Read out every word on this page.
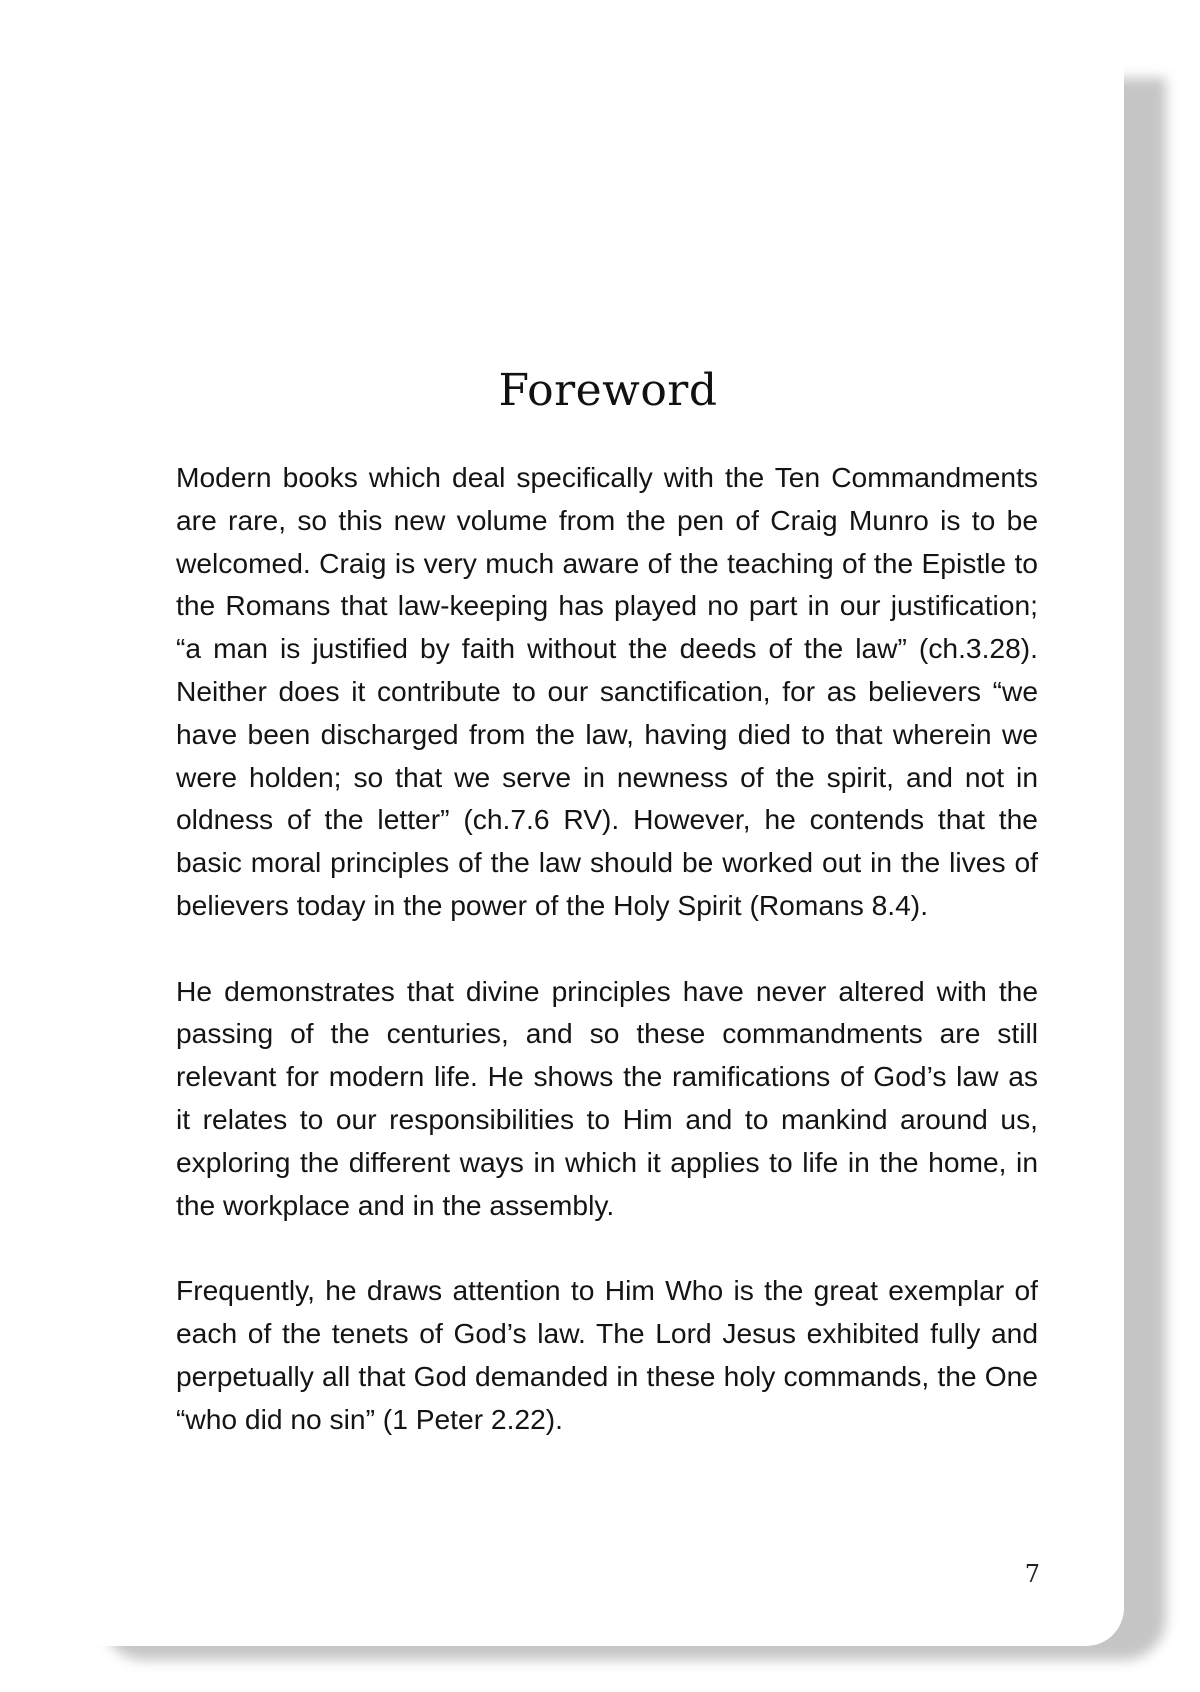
Foreword

Modern books which deal specifically with the Ten Commandments are rare, so this new volume from the pen of Craig Munro is to be welcomed. Craig is very much aware of the teaching of the Epistle to the Romans that law-keeping has played no part in our justification; “a man is justified by faith without the deeds of the law” (ch.3.28). Neither does it contribute to our sanctification, for as believers “we have been discharged from the law, having died to that wherein we were holden; so that we serve in newness of the spirit, and not in oldness of the letter” (ch.7.6 RV). However, he contends that the basic moral principles of the law should be worked out in the lives of believers today in the power of the Holy Spirit (Romans 8.4).

He demonstrates that divine principles have never altered with the passing of the centuries, and so these commandments are still relevant for modern life. He shows the ramifications of God’s law as it relates to our responsibilities to Him and to mankind around us, exploring the different ways in which it applies to life in the home, in the workplace and in the assembly.

Frequently, he draws attention to Him Who is the great exemplar of each of the tenets of God’s law. The Lord Jesus exhibited fully and perpetually all that God demanded in these holy commands, the One “who did no sin” (1 Peter 2.22).

7
